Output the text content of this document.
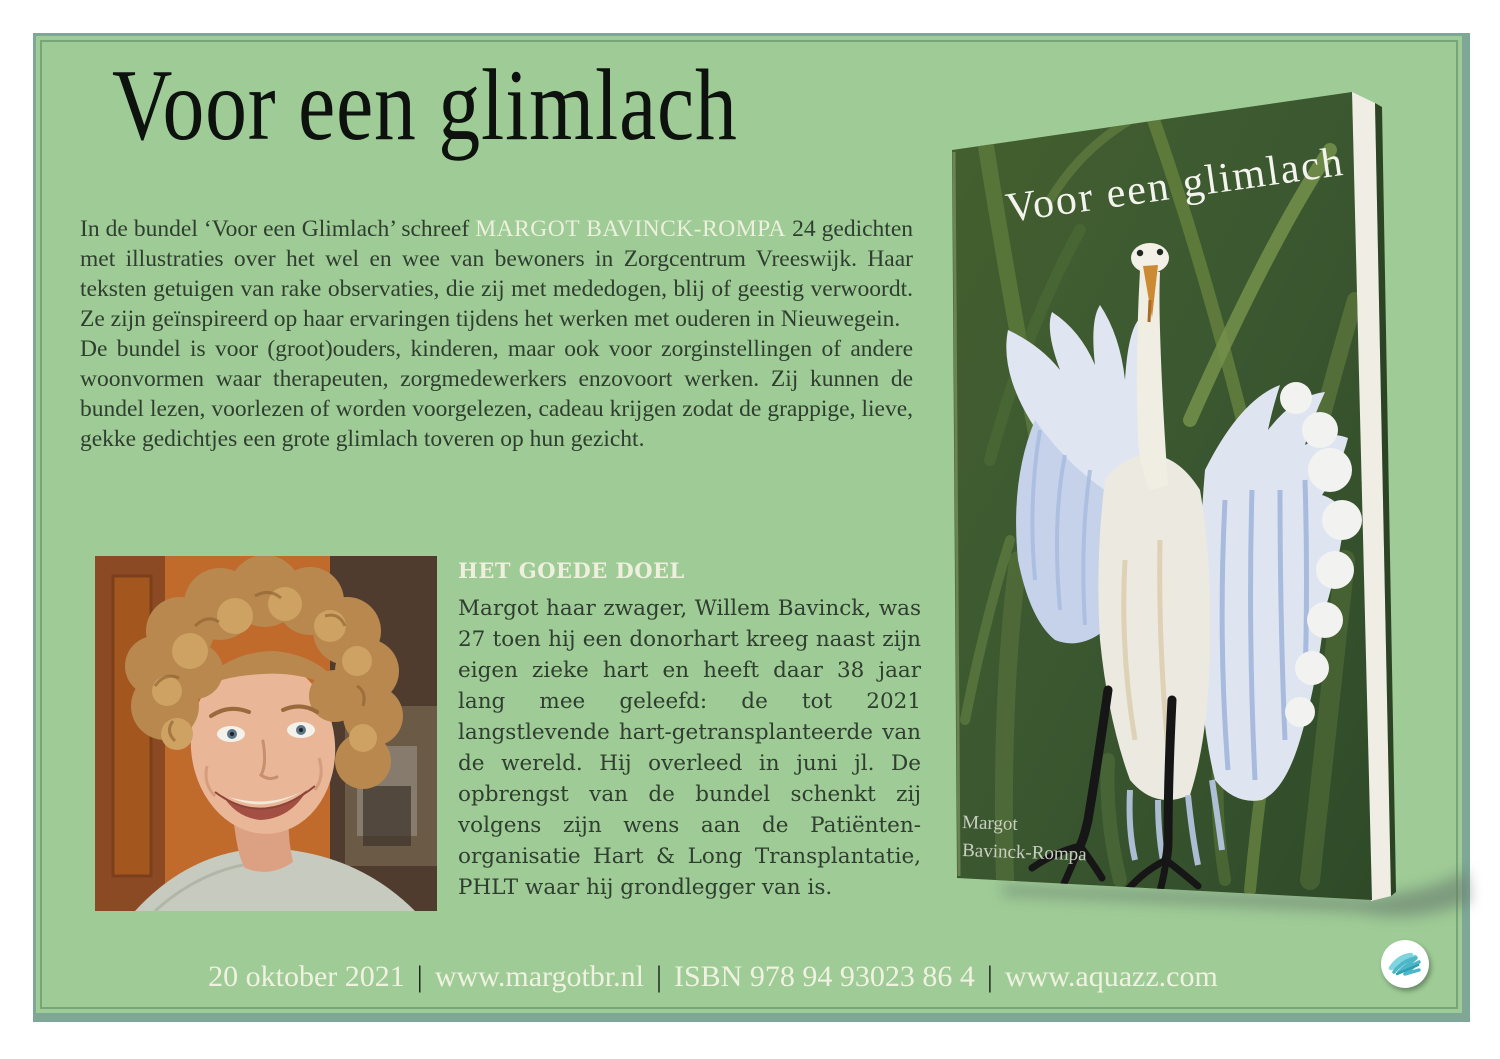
Voor een glimlach

In de bundel ‘Voor een Glimlach’ schreef MARGOT BAVINCK-ROMPA 24 gedichten met illustraties over het wel en wee van bewoners in Zorgcentrum Vreeswijk. Haar teksten getuigen van rake observaties, die zij met mededogen, blij of geestig verwoordt. Ze zijn geïnspireerd op haar ervaringen tijdens het werken met ouderen in Nieuwegein.

De bundel is voor (groot)ouders, kinderen, maar ook voor zorginstellingen of andere woonvormen waar therapeuten, zorgmedewerkers enzovoort werken. Zij kunnen de bundel lezen, voorlezen of worden voorgelezen, cadeau krijgen zodat de grappige, lieve, gekke gedichtjes een grote glimlach toveren op hun gezicht.

HET GOEDE DOEL

Margot haar zwager, Willem Bavinck, was 27 toen hij een donorhart kreeg naast zijn eigen zieke hart en heeft daar 38 jaar lang mee geleefd: de tot 2021 langstlevende hart-getransplanteerde van de wereld. Hij overleed in juni jl. De opbrengst van de bundel schenkt zij volgens zijn wens aan de Patiënten-organisatie Hart & Long Transplantatie, PHLT waar hij grondlegger van is.

Voor een glimlach
Margot
Bavinck-Rompa
20 oktober 2021 | www.margotbr.nl | ISBN 978 94 93023 86 4 | www.aquazz.com
